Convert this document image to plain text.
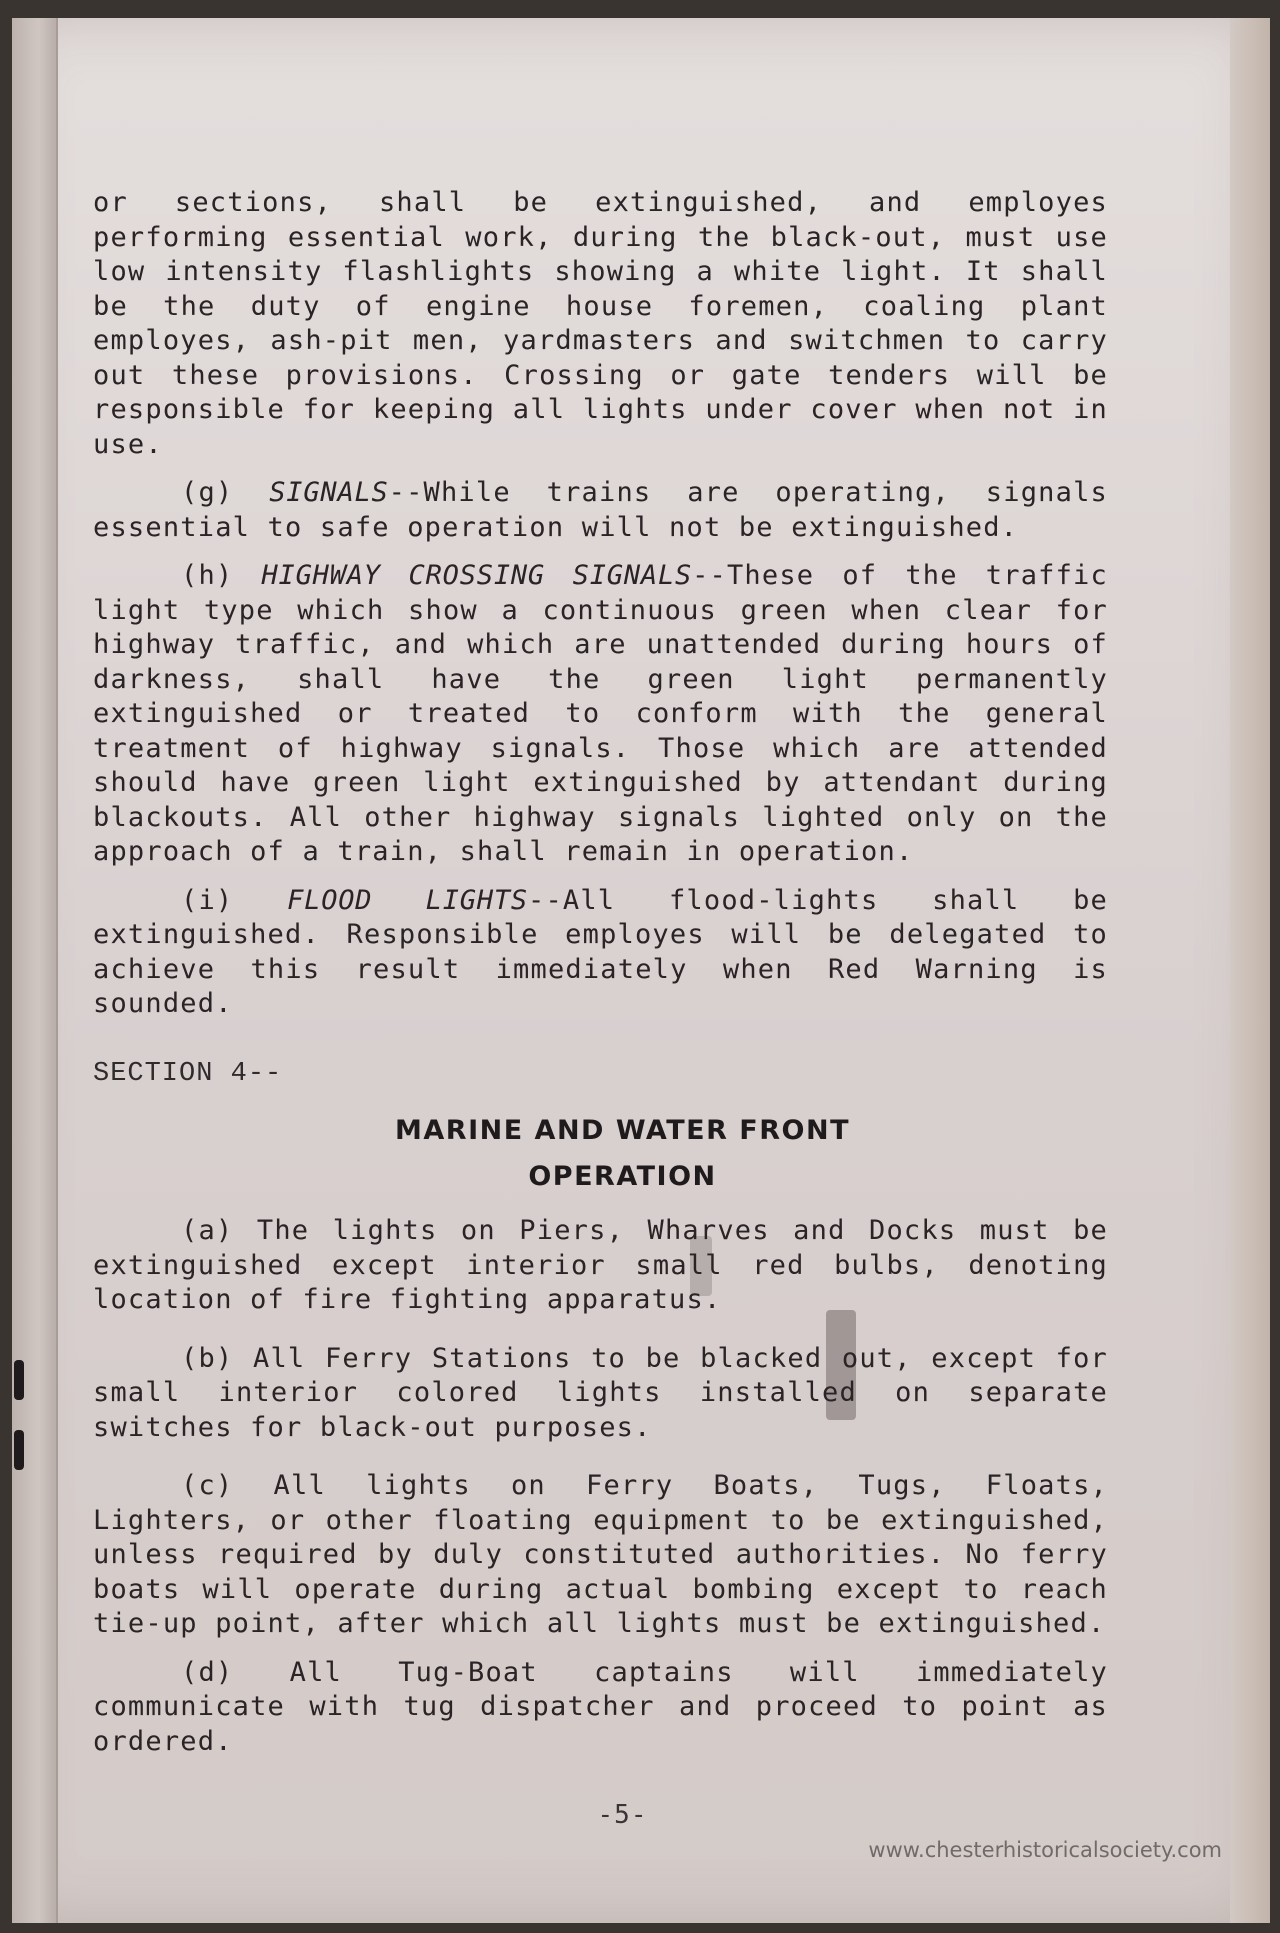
or sections, shall be extinguished, and employes performing essential work, during the black-out, must use low intensity flashlights showing a white light. It shall be the duty of engine house foremen, coaling plant employes, ash-pit men, yardmasters and switchmen to carry out these provisions. Crossing or gate tenders will be responsible for keeping all lights under cover when not in use.

(g) SIGNALS--While trains are operating, signals essential to safe operation will not be extinguished.

(h) HIGHWAY CROSSING SIGNALS--These of the traffic light type which show a continuous green when clear for highway traffic, and which are unattended during hours of darkness, shall have the green light permanently extinguished or treated to conform with the general treatment of highway signals. Those which are attended should have green light extinguished by attendant during blackouts. All other highway signals lighted only on the approach of a train, shall remain in operation.

(i) FLOOD LIGHTS--All flood-lights shall be extinguished. Responsible employes will be delegated to achieve this result immediately when Red Warning is sounded.

SECTION 4--
MARINE AND WATER FRONT
OPERATION

(a) The lights on Piers, Wharves and Docks must be extinguished except interior small red bulbs, denoting location of fire fighting apparatus.

(b) All Ferry Stations to be blacked out, except for small interior colored lights installed on separate switches for black-out purposes.

(c) All lights on Ferry Boats, Tugs, Floats, Lighters, or other floating equipment to be extinguished, unless required by duly constituted authorities. No ferry boats will operate during actual bombing except to reach tie-up point, after which all lights must be extinguished.

(d) All Tug-Boat captains will immediately communicate with tug dispatcher and proceed to point as ordered.

-5-
www.chesterhistoricalsociety.com
